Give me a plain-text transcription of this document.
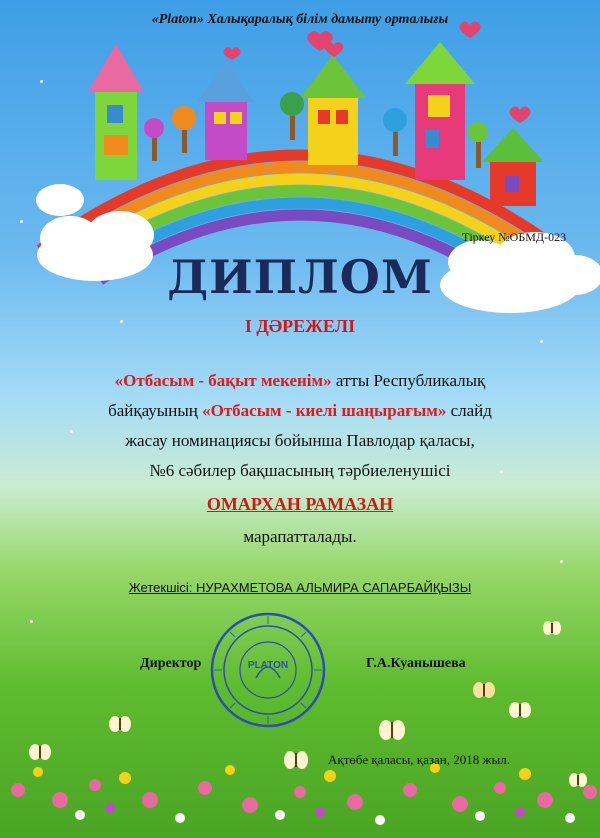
«Platon» Халықаралық білім дамыту орталығы
Тіркеу №ОБМД-023
ДИПЛОМ
І ДӘРЕЖЕЛІ
«Отбасым - бақыт мекенім» атты Республикалық
байқауының «Отбасым - киелі шаңырағым» слайд
жасау номинациясы бойынша Павлодар қаласы,
№6 сәбилер бақшасының тәрбиеленушісі
ОМАРХАН РАМАЗАН
марапатталады.
Жетекшісі: НУРАХМЕТОВА АЛЬМИРА САПАРБАЙҚЫЗЫ
PLATON
Директор	Г.А.Куанышева
Ақтөбе қаласы, қазан, 2018 жыл.
